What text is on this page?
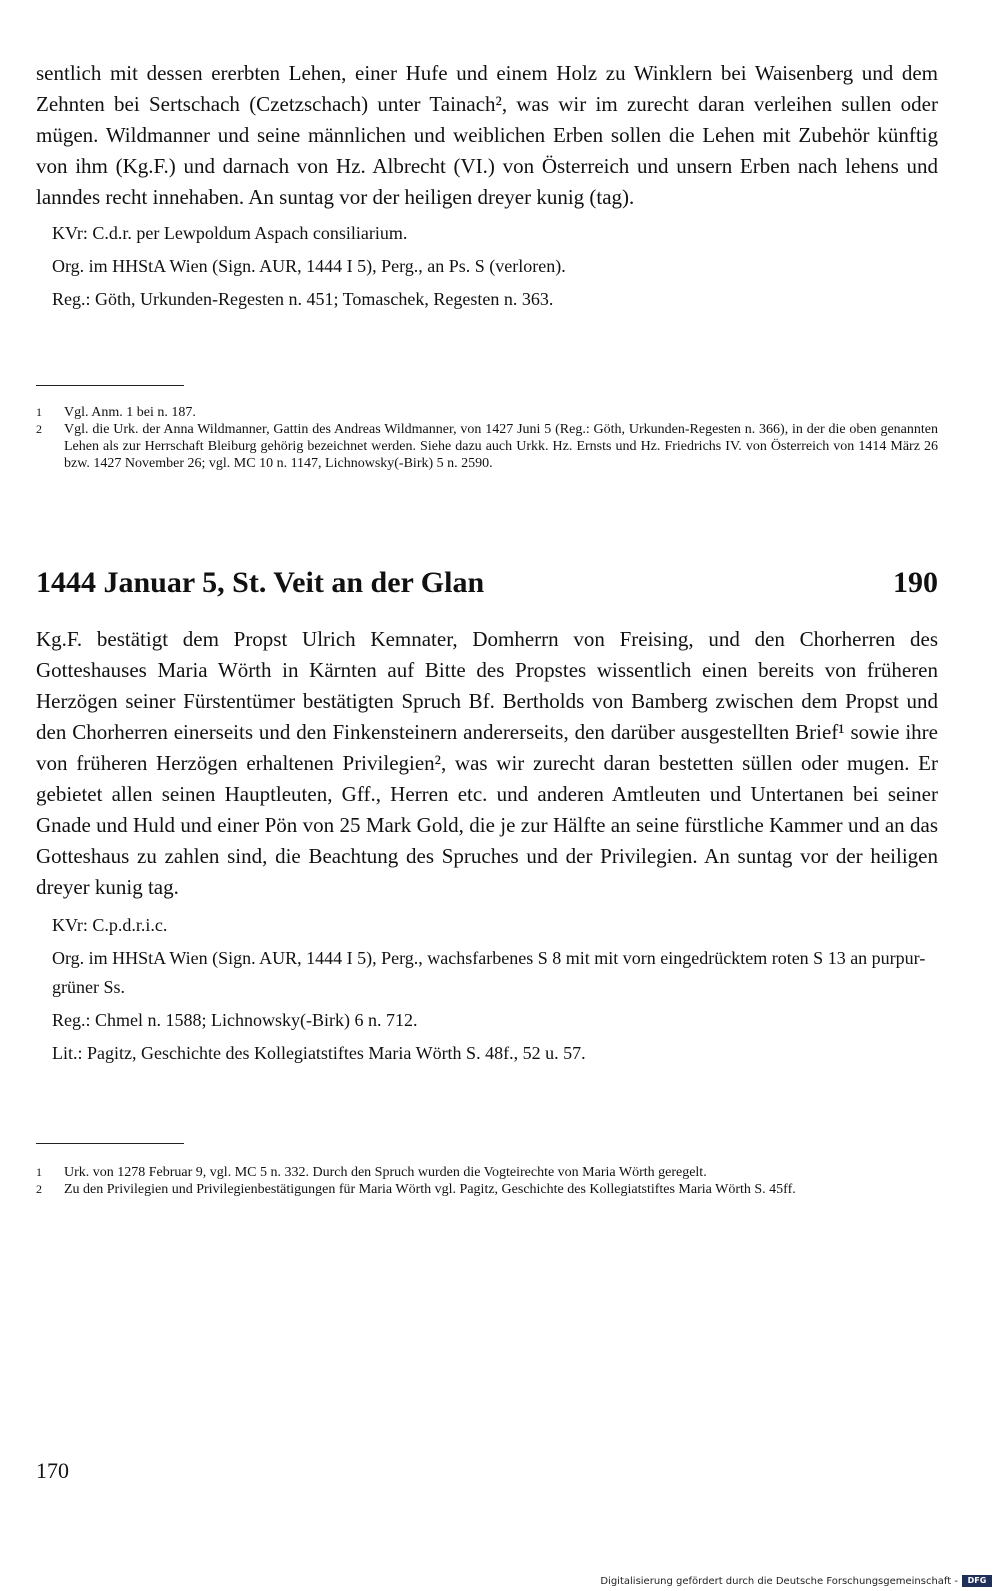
sentlich mit dessen ererbten Lehen, einer Hufe und einem Holz zu Winklern bei Waisenberg und dem Zehnten bei Sertschach (Czetzschach) unter Tainach², was wir im zurecht daran verleihen sullen oder mügen. Wildmanner und seine männlichen und weiblichen Erben sollen die Lehen mit Zubehör künftig von ihm (Kg.F.) und darnach von Hz. Albrecht (VI.) von Österreich und unsern Erben nach lehens und lanndes recht innehaben. An suntag vor der heiligen dreyer kunig (tag).

KVr: C.d.r. per Lewpoldum Aspach consiliarium.

Org. im HHStA Wien (Sign. AUR, 1444 I 5), Perg., an Ps. S (verloren).

Reg.: Göth, Urkunden-Regesten n. 451; Tomaschek, Regesten n. 363.

1	Vgl. Anm. 1 bei n. 187.
2	Vgl. die Urk. der Anna Wildmanner, Gattin des Andreas Wildmanner, von 1427 Juni 5 (Reg.: Göth, Urkunden-Regesten n. 366), in der die oben genannten Lehen als zur Herrschaft Bleiburg gehörig bezeichnet werden. Siehe dazu auch Urkk. Hz. Ernsts und Hz. Friedrichs IV. von Österreich von 1414 März 26 bzw. 1427 November 26; vgl. MC 10 n. 1147, Lichnowsky(-Birk) 5 n. 2590.
1444 Januar 5, St. Veit an der Glan	190

Kg.F. bestätigt dem Propst Ulrich Kemnater, Domherrn von Freising, und den Chorherren des Gotteshauses Maria Wörth in Kärnten auf Bitte des Propstes wissentlich einen bereits von früheren Herzögen seiner Fürstentümer bestätigten Spruch Bf. Bertholds von Bamberg zwischen dem Propst und den Chorherren einerseits und den Finkensteinern andererseits, den darüber ausgestellten Brief¹ sowie ihre von früheren Herzögen erhaltenen Privilegien², was wir zurecht daran bestetten süllen oder mugen. Er gebietet allen seinen Hauptleuten, Gff., Herren etc. und anderen Amtleuten und Untertanen bei seiner Gnade und Huld und einer Pön von 25 Mark Gold, die je zur Hälfte an seine fürstliche Kammer und an das Gotteshaus zu zahlen sind, die Beachtung des Spruches und der Privilegien. An suntag vor der heiligen dreyer kunig tag.

KVr: C.p.d.r.i.c.

Org. im HHStA Wien (Sign. AUR, 1444 I 5), Perg., wachsfarbenes S 8 mit mit vorn eingedrücktem roten S 13 an purpur-grüner Ss.

Reg.: Chmel n. 1588; Lichnowsky(-Birk) 6 n. 712.

Lit.: Pagitz, Geschichte des Kollegiatstiftes Maria Wörth S. 48f., 52 u. 57.

1	Urk. von 1278 Februar 9, vgl. MC 5 n. 332. Durch den Spruch wurden die Vogteirechte von Maria Wörth geregelt.
2	Zu den Privilegien und Privilegienbestätigungen für Maria Wörth vgl. Pagitz, Geschichte des Kollegiatstiftes Maria Wörth S. 45ff.
170
Digitalisierung gefördert durch die Deutsche Forschungsgemeinschaft -	DFG
